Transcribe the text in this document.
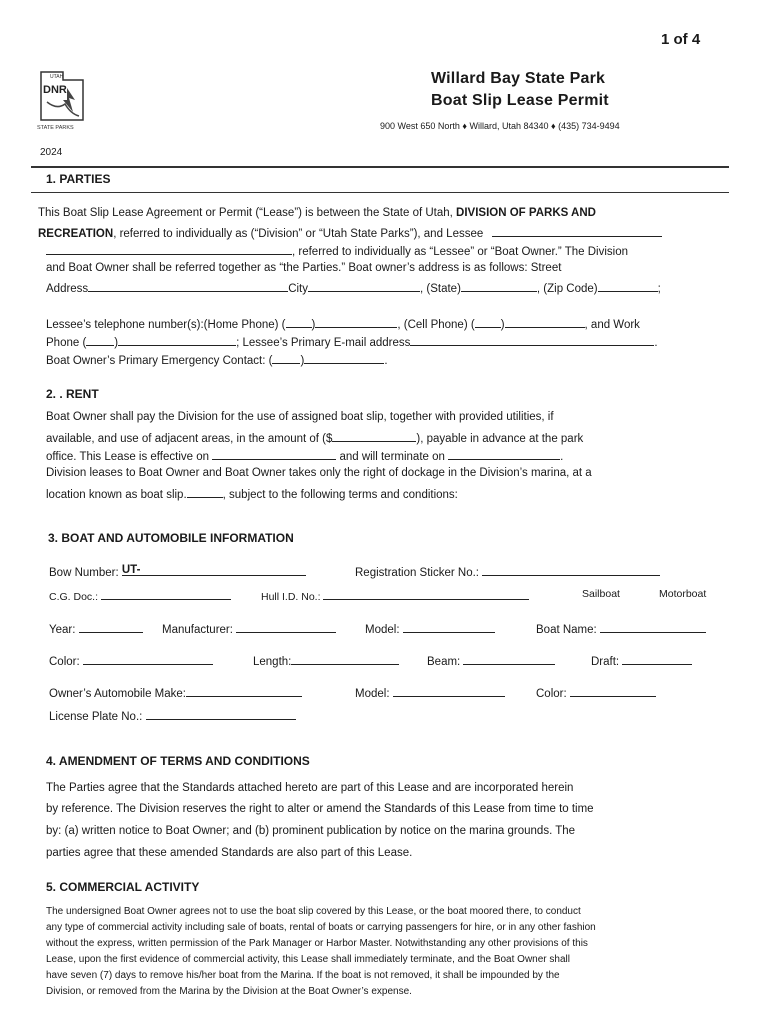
1 of 4
UTAH
DNR
STATE PARKS
Willard Bay State Park
Boat Slip Lease Permit
900 West 650 North ♦ Willard, Utah 84340 ♦ (435) 734-9494
2024
1. PARTIES
This Boat Slip Lease Agreement or Permit (“Lease”) is between the State of Utah, DIVISION OF PARKS AND
RECREATION, referred to individually as (“Division” or “Utah State Parks”), and Lessee
, referred to individually as “Lessee” or “Boat Owner.” The Division
and Boat Owner shall be referred together as “the Parties.” Boat owner’s address is as follows: Street
Address	City	, (State)	, (Zip Code)	;
Lessee’s telephone number(s):(Home Phone) ( )	, (Cell Phone) ( )	, and Work
Phone ( )	; Lessee’s Primary E-mail address	.
Boat Owner’s Primary Emergency Contact: ( )	.
2. . RENT
Boat Owner shall pay the Division for the use of assigned boat slip, together with provided utilities, if
available, and use of adjacent areas, in the amount of ($	), payable in advance at the park
office. This Lease is effective on	and will terminate on	.
Division leases to Boat Owner and Boat Owner takes only the right of dockage in the Division’s marina, at a
location known as boat slip.	, subject to the following terms and conditions:
3. BOAT AND AUTOMOBILE INFORMATION
Bow Number: UT-	Registration Sticker No.:
C.G. Doc.:	Hull I.D. No.:	Sailboat	Motorboat
Year:	Manufacturer:	Model:	Boat Name:
Color:	Length:	Beam:	Draft:
Owner’s Automobile Make:	Model:	Color:
License Plate No.:
4. AMENDMENT OF TERMS AND CONDITIONS
The Parties agree that the Standards attached hereto are part of this Lease and are incorporated herein
by reference. The Division reserves the right to alter or amend the Standards of this Lease from time to time
by: (a) written notice to Boat Owner; and (b) prominent publication by notice on the marina grounds. The
parties agree that these amended Standards are also part of this Lease.
5. COMMERCIAL ACTIVITY
The undersigned Boat Owner agrees not to use the boat slip covered by this Lease, or the boat moored there, to conduct
any type of commercial activity including sale of boats, rental of boats or carrying passengers for hire, or in any other fashion
without the express, written permission of the Park Manager or Harbor Master. Notwithstanding any other provisions of this
Lease, upon the first evidence of commercial activity, this Lease shall immediately terminate, and the Boat Owner shall
have seven (7) days to remove his/her boat from the Marina. If the boat is not removed, it shall be impounded by the
Division, or removed from the Marina by the Division at the Boat Owner’s expense.
